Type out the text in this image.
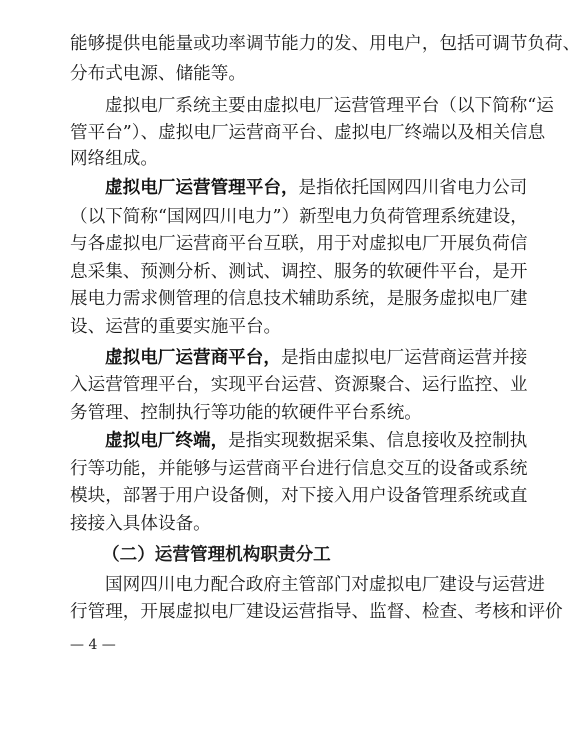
能够提供电能量或功率调节能力的发、用电户，包括可调节负荷、
分布式电源、储能等。
虚拟电厂系统主要由虚拟电厂运营管理平台（以下简称“运
管平台”）、虚拟电厂运营商平台、虚拟电厂终端以及相关信息
网络组成。
虚拟电厂运营管理平台，是指依托国网四川省电力公司
（以下简称“国网四川电力”）新型电力负荷管理系统建设，
与各虚拟电厂运营商平台互联，用于对虚拟电厂开展负荷信
息采集、预测分析、测试、调控、服务的软硬件平台，是开
展电力需求侧管理的信息技术辅助系统，是服务虚拟电厂建
设、运营的重要实施平台。
虚拟电厂运营商平台，是指由虚拟电厂运营商运营并接
入运营管理平台，实现平台运营、资源聚合、运行监控、业
务管理、控制执行等功能的软硬件平台系统。
虚拟电厂终端，是指实现数据采集、信息接收及控制执
（二）运营管理机构职责分工
国网四川电力配合政府主管部门对虚拟电厂建设与运营进
行管理，开展虚拟电厂建设运营指导、监督、检查、考核和评价
— 4 —
行等功能，并能够与运营商平台进行信息交互的设备或系统
模块，部署于用户设备侧，对下接入用户设备管理系统或直
接接入具体设备。
